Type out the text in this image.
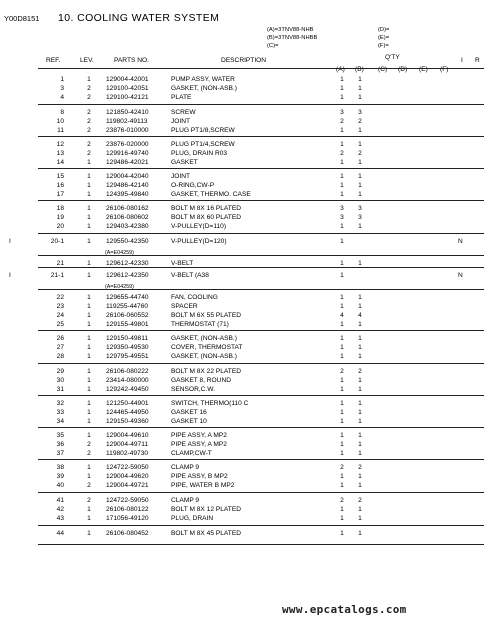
Y00D8151 10. COOLING WATER SYSTEM
(A)=3TNV88-NHB
(B)=3TNV88-NHBB
(C)=
(D)=
(E)=
(F)=
REF.	LEV.	PARTS NO.	DESCRIPTION	Q'TY	I R
(A) (B) (C) (D) (E) (F)
1	1	129004-42001	PUMP ASSY, WATER	1	1
3	2	129100-42051	GASKET, (NON-ASB.)	1	1
4	2	129100-42121	PLATE	1	1
8	2	121850-42410	SCREW	3	3
10	2	119802-49113	JOINT	2	2
11	2	23876-010000	PLUG PT1/8,SCREW	1	1
12	2	23876-020000	PLUG PT1/4,SCREW	1	1
13	2	129916-49740	PLUG, DRAIN R03	2	2
14	1	129486-42021	GASKET	1	1
15	1	129004-42040	JOINT	1	1
16	1	129486-42140	O-RING,CW-P	1	1
17	1	124395-49840	GASKET, THERMO. CASE	1	1
18	1	26106-080162	BOLT M 8X 16 PLATED	3	3
19	1	26106-080602	BOLT M 8X 60 PLATED	3	3
20	1	129403-42380	V-PULLEY(D=110)	1	1
I	20-1	1	129550-42350	V-PULLEY(D=120)	1	N
21	1	129612-42330	V-BELT	1	1
I	21-1	1	129612-42350	V-BELT (A38	1	N
22	1	129655-44740	FAN, COOLING	1	1
23	1	119255-44760	SPACER	1	1
24	1	26106-060552	BOLT M 6X 55 PLATED	4	4
25	1	129155-49801	THERMOSTAT (71)	1	1
26	1	129150-49811	GASKET, (NON-ASB.)	1	1
27	1	129350-49530	COVER, THERMOSTAT	1	1
28	1	129795-49551	GASKET, (NON-ASB.)	1	1
29	1	26106-080222	BOLT M 8X 22 PLATED	2	2
30	1	23414-080000	GASKET 8, ROUND	1	1
31	1	129242-49450	SENSOR,C.W.	1	1
32	1	121250-44901	SWITCH, THERMO(110 C	1	1
33	1	124465-44950	GASKET 16	1	1
34	1	129150-49360	GASKET 10	1	1
35	1	129004-49610	PIPE ASSY, A MP2	1	1
36	2	129004-49711	PIPE ASSY, A MP2	1	1
37	2	119802-49730	CLAMP,CW-T	1	1
38	1	124722-59050	CLAMP 9	2	2
39	1	129004-49620	PIPE ASSY, B MP2	1	1
40	2	129004-49721	PIPE, WATER B MP2	1	1
41	2	124722-59050	CLAMP 9	2	2
42	1	26106-080122	BOLT M 8X 12 PLATED	1	1
43	1	171056-49120	PLUG, DRAIN	1	1
44	1	26106-080452	BOLT M 8X 45 PLATED	1	1
(A=E04259)
(A=E04259)
www.epcatalogs.com
